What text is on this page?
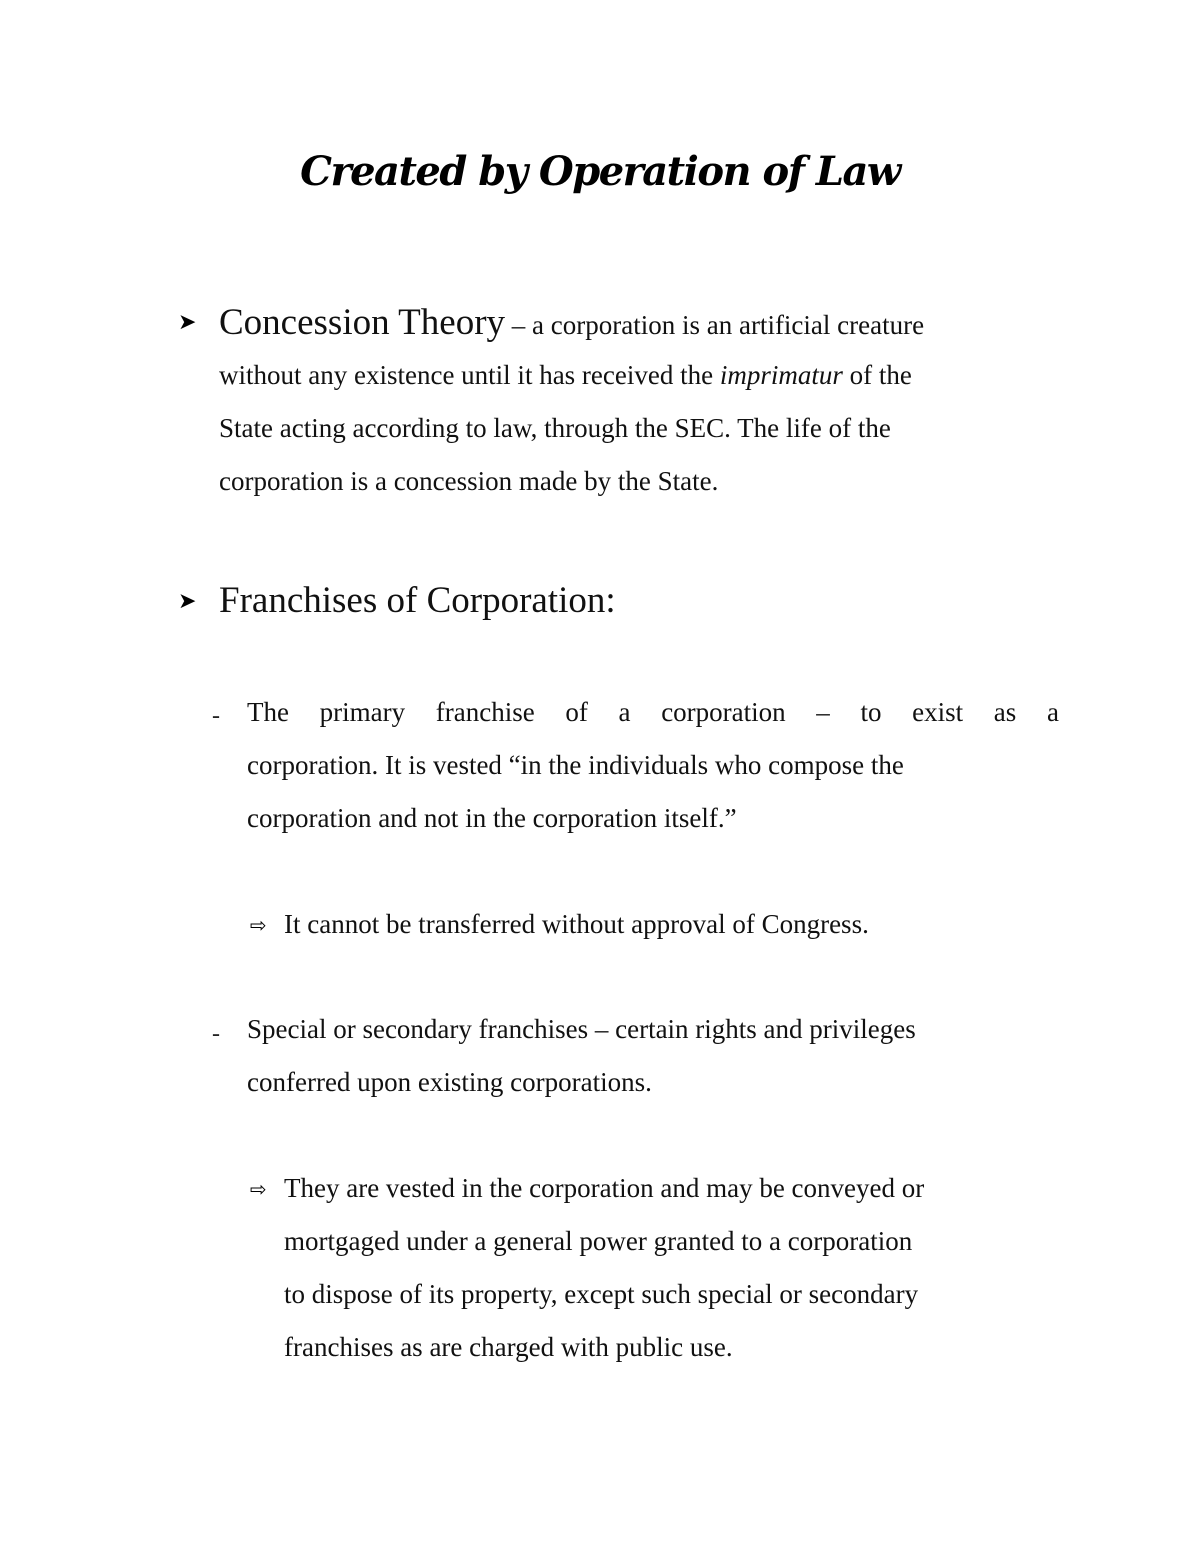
Created by Operation of Law
➤ Concession Theory – a corporation is an artificial creature
without any existence until it has received the imprimatur of the
State acting according to law, through the SEC. The life of the
corporation is a concession made by the State.
➤ Franchises of Corporation:
- The primary franchise of a corporation – to exist as a
corporation. It is vested “in the individuals who compose the
corporation and not in the corporation itself.”
⇨ It cannot be transferred without approval of Congress.
- Special or secondary franchises – certain rights and privileges
conferred upon existing corporations.
⇨ They are vested in the corporation and may be conveyed or
mortgaged under a general power granted to a corporation
to dispose of its property, except such special or secondary
franchises as are charged with public use.
